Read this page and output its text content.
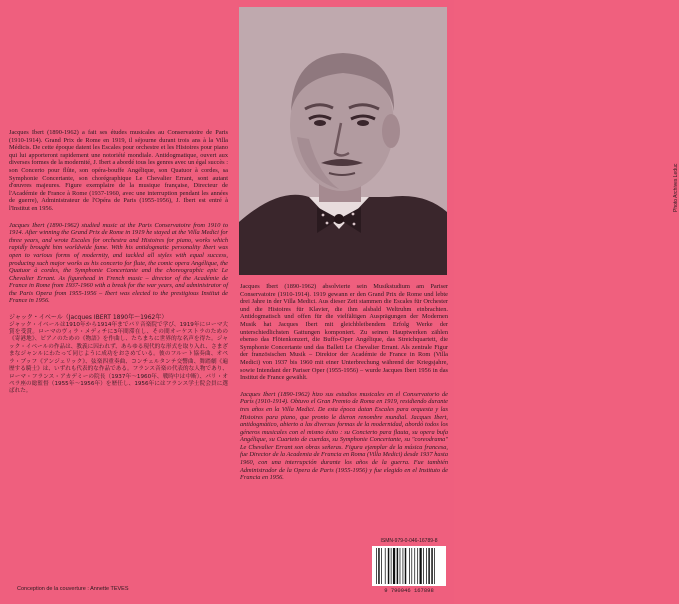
Photo Archives Leduc

Jacques Ibert (1890-1962) a fait ses études musicales au Conservatoire de Paris (1910-1914). Grand Prix de Rome en 1919, il séjourne durant trois ans à la Villa Médicis. De cette époque datent les Escales pour orchestre et les Histoires pour piano qui lui apporteront rapidement une notoriété mondiale. Antidogmatique, ouvert aux diverses formes de la modernité, J. Ibert a abordé tous les genres avec un égal succès : son Concerto pour flûte, son opéra-bouffe Angélique, son Quatuor à cordes, sa Symphonie Concertante, son chorégraphique Le Chevalier Errant, sont autant d'œuvres majeures. Figure exemplaire de la musique française, Directeur de l'Académie de France à Rome (1937-1960, avec une interruption pendant les années de guerre), Administrateur de l'Opéra de Paris (1955-1956), J. Ibert est entré à l'Institut en 1956.

Jacques Ibert (1890-1962) studied music at the Paris Conservatoire from 1910 to 1914. After winning the Grand Prix de Rome in 1919 he stayed at the Villa Medici for three years, and wrote Escales for orchestra and Histoires for piano, works which rapidly brought him worldwide fame. With his antidogmatic personality Ibert was open to various forms of modernity, and tackled all styles with equal success, producing such major works as his concerto for flute, the comic opera Angélique, the Quatuor à cordes, the Symphonie Concertante and the choreographic epic Le Chevalier Errant. As figurehead in French music – director of the Académie de France in Rome from 1937-1960 with a break for the war years, and administrator of the Paris Opera from 1955-1956 – Ibert was elected to the prestigious Institut de France in 1956.

ジャック・イベール（Jacques IBERT 1890年～1962年）

ジャック・イベールは1910年から1914年までパリ音楽院で学び、1919年にローマ大賞を受賞。ローマのヴィラ・メディチに3年間滞在し、その間オーケストラのための《寄港地》、ピアノのための《物語》を作曲し、たちまちに世界的な名声を得た。ジャック・イベールの作品は、教義に囚われず、あらゆる現代的な形式を取り入れ、さまざまなジャンルにわたって同じように成功をおさめている。彼のフルート協奏曲、オペラ・ブッフ《アンジェリック》、弦楽四重奏曲、コンチェルタンテ交響曲、舞踏劇《遍歴する騎士》は、いずれも代表的な作品である。フランス音楽の代表的な人物であり、ローマ・フランス・アカデミーの院長（1937年～1960年、戦時中は中断）、パリ・オペラ座の総監督（1955年～1956年）を歴任し、1956年にはフランス学士院会員に選ばれた。

Jacques Ibert (1890-1962) absolvierte sein Musikstudium am Pariser Conservatoire (1910-1914). 1919 gewann er den Grand Prix de Rome und lebte drei Jahre in der Villa Medici. Aus dieser Zeit stammen die Escales für Orchester und die Histoires für Klavier, die ihm alsbald Weltruhm einbrachten. Antidogmatisch und offen für die vielfältigen Ausprägungen der Modernen Musik hat Jacques Ibert mit gleichbleibendem Erfolg Werke der unterschiedlichsten Gattungen komponiert. Zu seinen Hauptwerken zählen ebenso das Flötenkonzert, die Buffo-Oper Angélique, das Streichquartett, die Symphonie Concertante und das Ballett Le Chevalier Errant. Als zentrale Figur der französischen Musik – Direktor der Académie de France in Rom (Villa Medici) von 1937 bis 1960 mit einer Unterbrechung während der Kriegsjahre, sowie Intendant der Pariser Oper (1955-1956) – wurde Jacques Ibert 1956 in das Institut de France gewählt.

Jacques Ibert (1890-1962) hizo sus estudios musicales en el Conservatorio de París (1910-1914). Obtuvo el Gran Premio de Roma en 1919, residiendo durante tres años en la Villa Medici. De esta época datan Escales para orquesta y las Histoires para piano, que pronto le dieron renombre mundial. Jacques Ibert, antidogmático, abierto a las diversas formas de la modernidad, abordó todos los géneros musicales con el mismo éxito : su Concierto para flauta, su opera bufa Angélique, su Cuarteto de cuerdas, su Symphonie Concertante, su "coreodrama" Le Chevalier Errant son obras señeras. Figura ejemplar de la música francesa, fue Director de la Academia de Francia en Roma (Villa Medici) desde 1937 hasta 1960, con una interrupción durante los años de la guerra. Fue también Administrador de la Opera de Paris (1955-1956) y fue elegido en el Instituto de Francia en 1956.

ISMN-979-0-046-16789-8
9 790046 167898
Conception de la couverture : Annette TEVES
